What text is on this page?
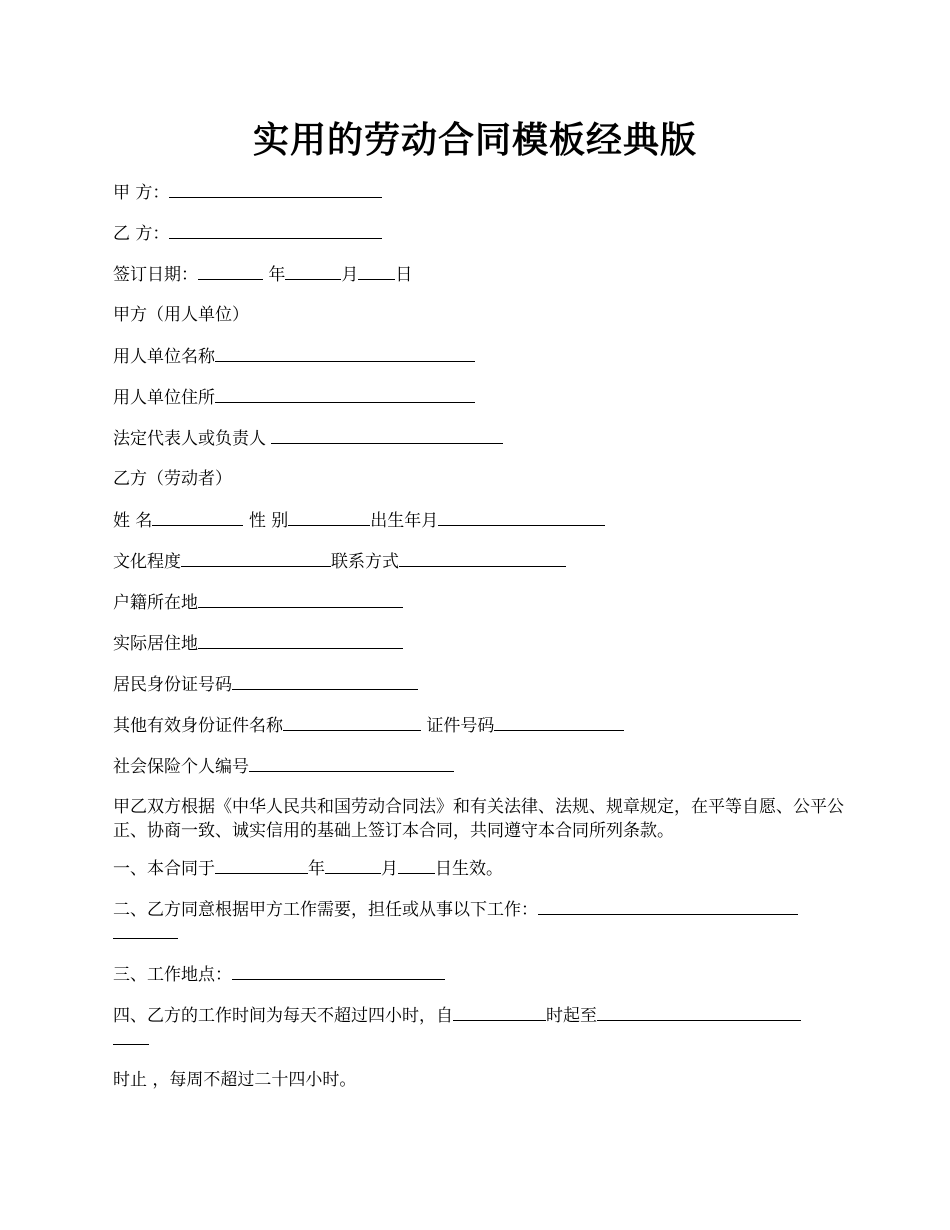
实用的劳动合同模板经典版
甲 方：
乙 方：
签订日期：	年	月 日
甲方（用人单位）
用人单位名称
用人单位住所
法定代表人或负责人
乙方（劳动者）
姓 名	性 别	出生年月
文化程度	联系方式
户籍所在地
实际居住地
居民身份证号码
其他有效身份证件名称	证件号码
社会保险个人编号
甲乙双方根据《中华人民共和国劳动合同法》和有关法律、法规、规章规定，在平等自愿、公平公正、协商一致、诚实信用的基础上签订本合同，共同遵守本合同所列条款。
一、本合同于	年	月 日生效。
二、乙方同意根据甲方工作需要，担任或从事以下工作：
三、工作地点：
四、乙方的工作时间为每天不超过四小时，自	时起至
时止 ，每周不超过二十四小时。
